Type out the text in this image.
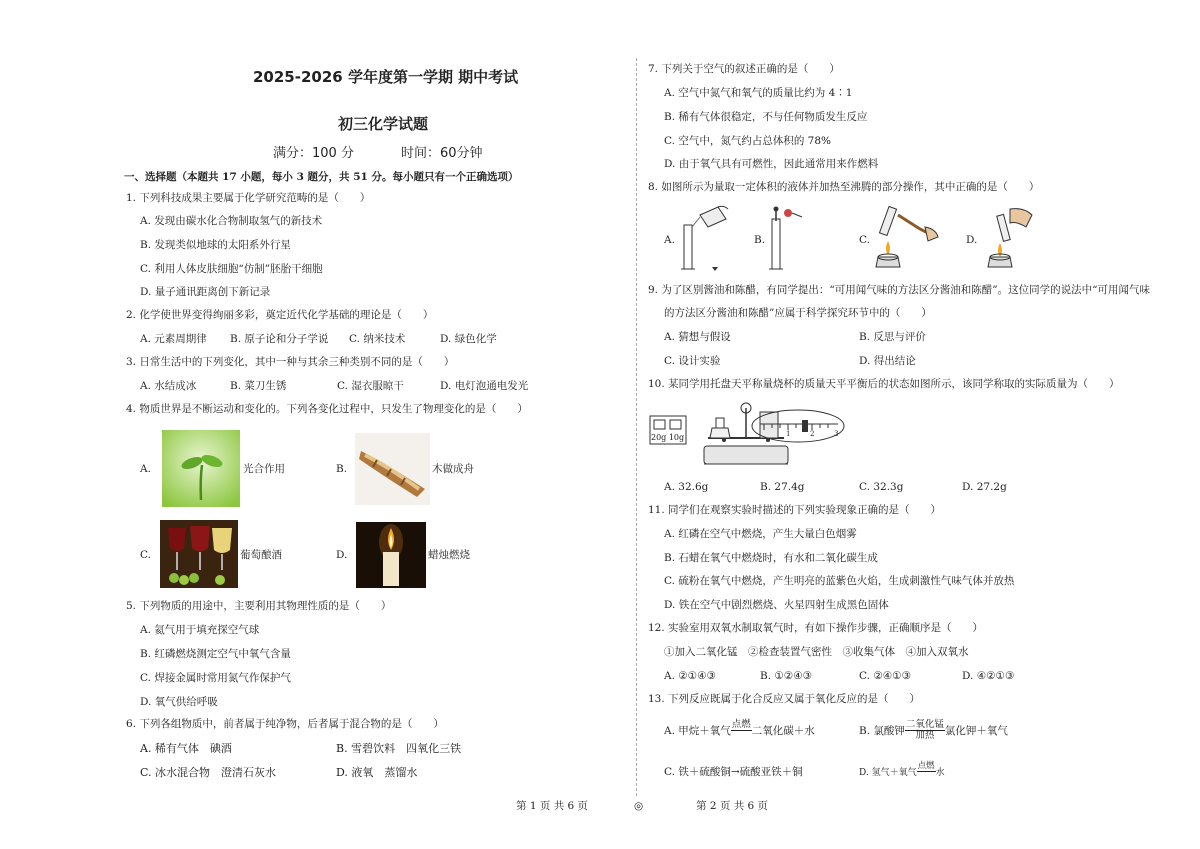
2025-2026 学年度第一学期 期中考试
初三化学试题
满分：100 分	时间：60分钟
一、选择题（本题共 17 小题，每小 3 题分，共 51 分。每小题只有一个正确选项）
1. 下列科技成果主要属于化学研究范畴的是（　　）
A. 发现由碳水化合物制取氢气的新技术
B. 发现类似地球的太阳系外行星
C. 利用人体皮肤细胞“仿制”胚胎干细胞
D. 量子通讯距离创下新记录
2. 化学使世界变得绚丽多彩，奠定近代化学基础的理论是（　　）
A. 元素周期律 B. 原子论和分子学说 C. 纳米技术	D. 绿色化学
3. 日常生活中的下列变化，其中一种与其余三种类别不同的是（　　）
A. 水结成冰	B. 菜刀生锈	C. 湿衣服晾干	D. 电灯泡通电发光
4. 物质世界是不断运动和变化的。下列各变化过程中，只发生了物理变化的是（　　）
A.	光合作用	B.	木做成舟
C.	葡萄酿酒	D.	蜡烛燃烧
5. 下列物质的用途中，主要利用其物理性质的是（　　）
A. 氦气用于填充探空气球
B. 红磷燃烧测定空气中氧气含量
C. 焊接金属时常用氮气作保护气
D. 氧气供给呼吸
6. 下列各组物质中，前者属于纯净物，后者属于混合物的是（　　）
A. 稀有气体　碘酒	B. 雪碧饮料　四氧化三铁
C. 冰水混合物　澄清石灰水	D. 液氧　蒸馏水
7. 下列关于空气的叙述正确的是（　　）
A. 空气中氮气和氧气的质量比约为 4∶1
B. 稀有气体很稳定，不与任何物质发生反应
C. 空气中，氮气约占总体积的 78%
D. 由于氧气具有可燃性，因此通常用来作燃料
8. 如图所示为量取一定体积的液体并加热至沸腾的部分操作，其中正确的是（　　）
A.	B.	C.	D.
9. 为了区别酱油和陈醋，有同学提出：“可用闻气味的方法区分酱油和陈醋”。这位同学的说法中“可用闻气味
的方法区分酱油和陈醋”应属于科学探究环节中的（　　）
A. 猜想与假设	B. 反思与评价
C. 设计实验	D. 得出结论
10. 某同学用托盘天平称量烧杯的质量天平平衡后的状态如图所示，该同学称取的实际质量为（　　）
20g 10g	1	2	3
A. 32.6g	B. 27.4g	C. 32.3g	D. 27.2g
11. 同学们在观察实验时描述的下列实验现象正确的是（　　）
A. 红磷在空气中燃烧，产生大量白色烟雾
B. 石蜡在氧气中燃烧时，有水和二氧化碳生成
C. 硫粉在氧气中燃烧，产生明亮的蓝紫色火焰，生成刺激性气味气体并放热
D. 铁在空气中剧烈燃烧、火星四射生成黑色固体
12. 实验室用双氧水制取氧气时，有如下操作步骤，正确顺序是（　　）
①加入二氧化锰　②检查装置气密性　③收集气体　④加入双氧水
A. ②①④③	B. ①②④③	C. ②④①③	D. ④②①③
13. 下列反应既属于化合反应又属于氧化反应的是（　　）
A. 甲烷＋氧气
点燃

二氧化碳＋水	B. 氯酸钾 $\frac{\text{二氧化锰}}{\text{加热}}$ 氯化钾＋氧气
C. 铁＋硫酸铜→硫酸亚铁＋铜	D. 氢气＋氧气
点燃

水
第 1 页 共 6 页	◎	第 2 页 共 6 页
